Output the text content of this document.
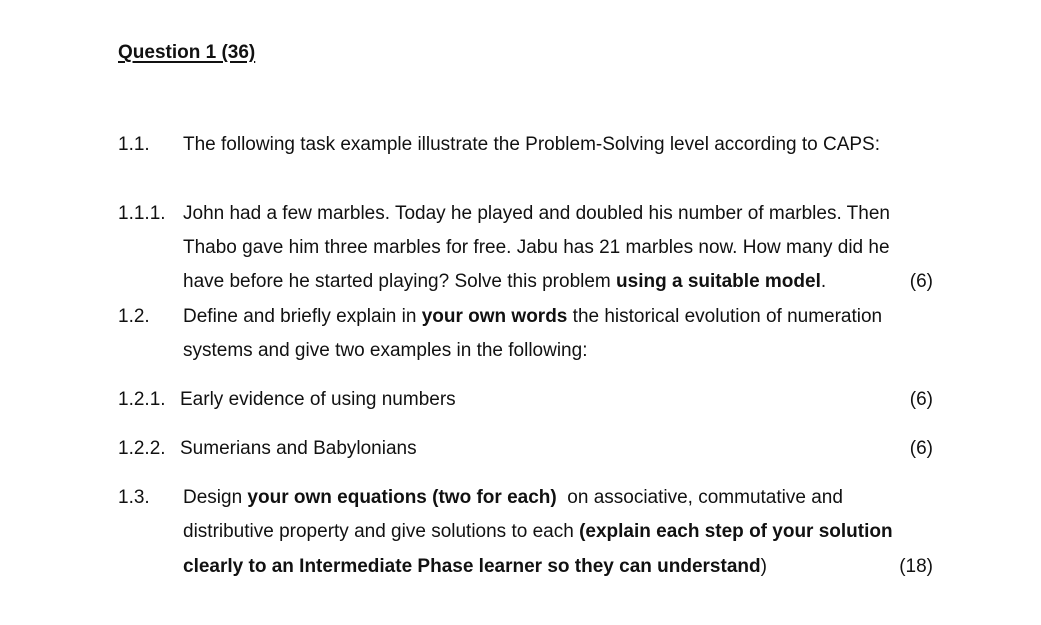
Question 1 (36)
1.1. The following task example illustrate the Problem-Solving level according to CAPS:
1.1.1. John had a few marbles. Today he played and doubled his number of marbles. Then
Thabo gave him three marbles for free. Jabu has 21 marbles now. How many did he
have before he started playing? Solve this problem using a suitable model.	(6)
1.2. Define and briefly explain in your own words the historical evolution of numeration
systems and give two examples in the following:
1.2.1. Early evidence of using numbers	(6)
1.2.2. Sumerians and Babylonians	(6)
1.3. Design your own equations (two for each)  on associative, commutative and
distributive property and give solutions to each (explain each step of your solution
clearly to an Intermediate Phase learner so they can understand)	(18)
